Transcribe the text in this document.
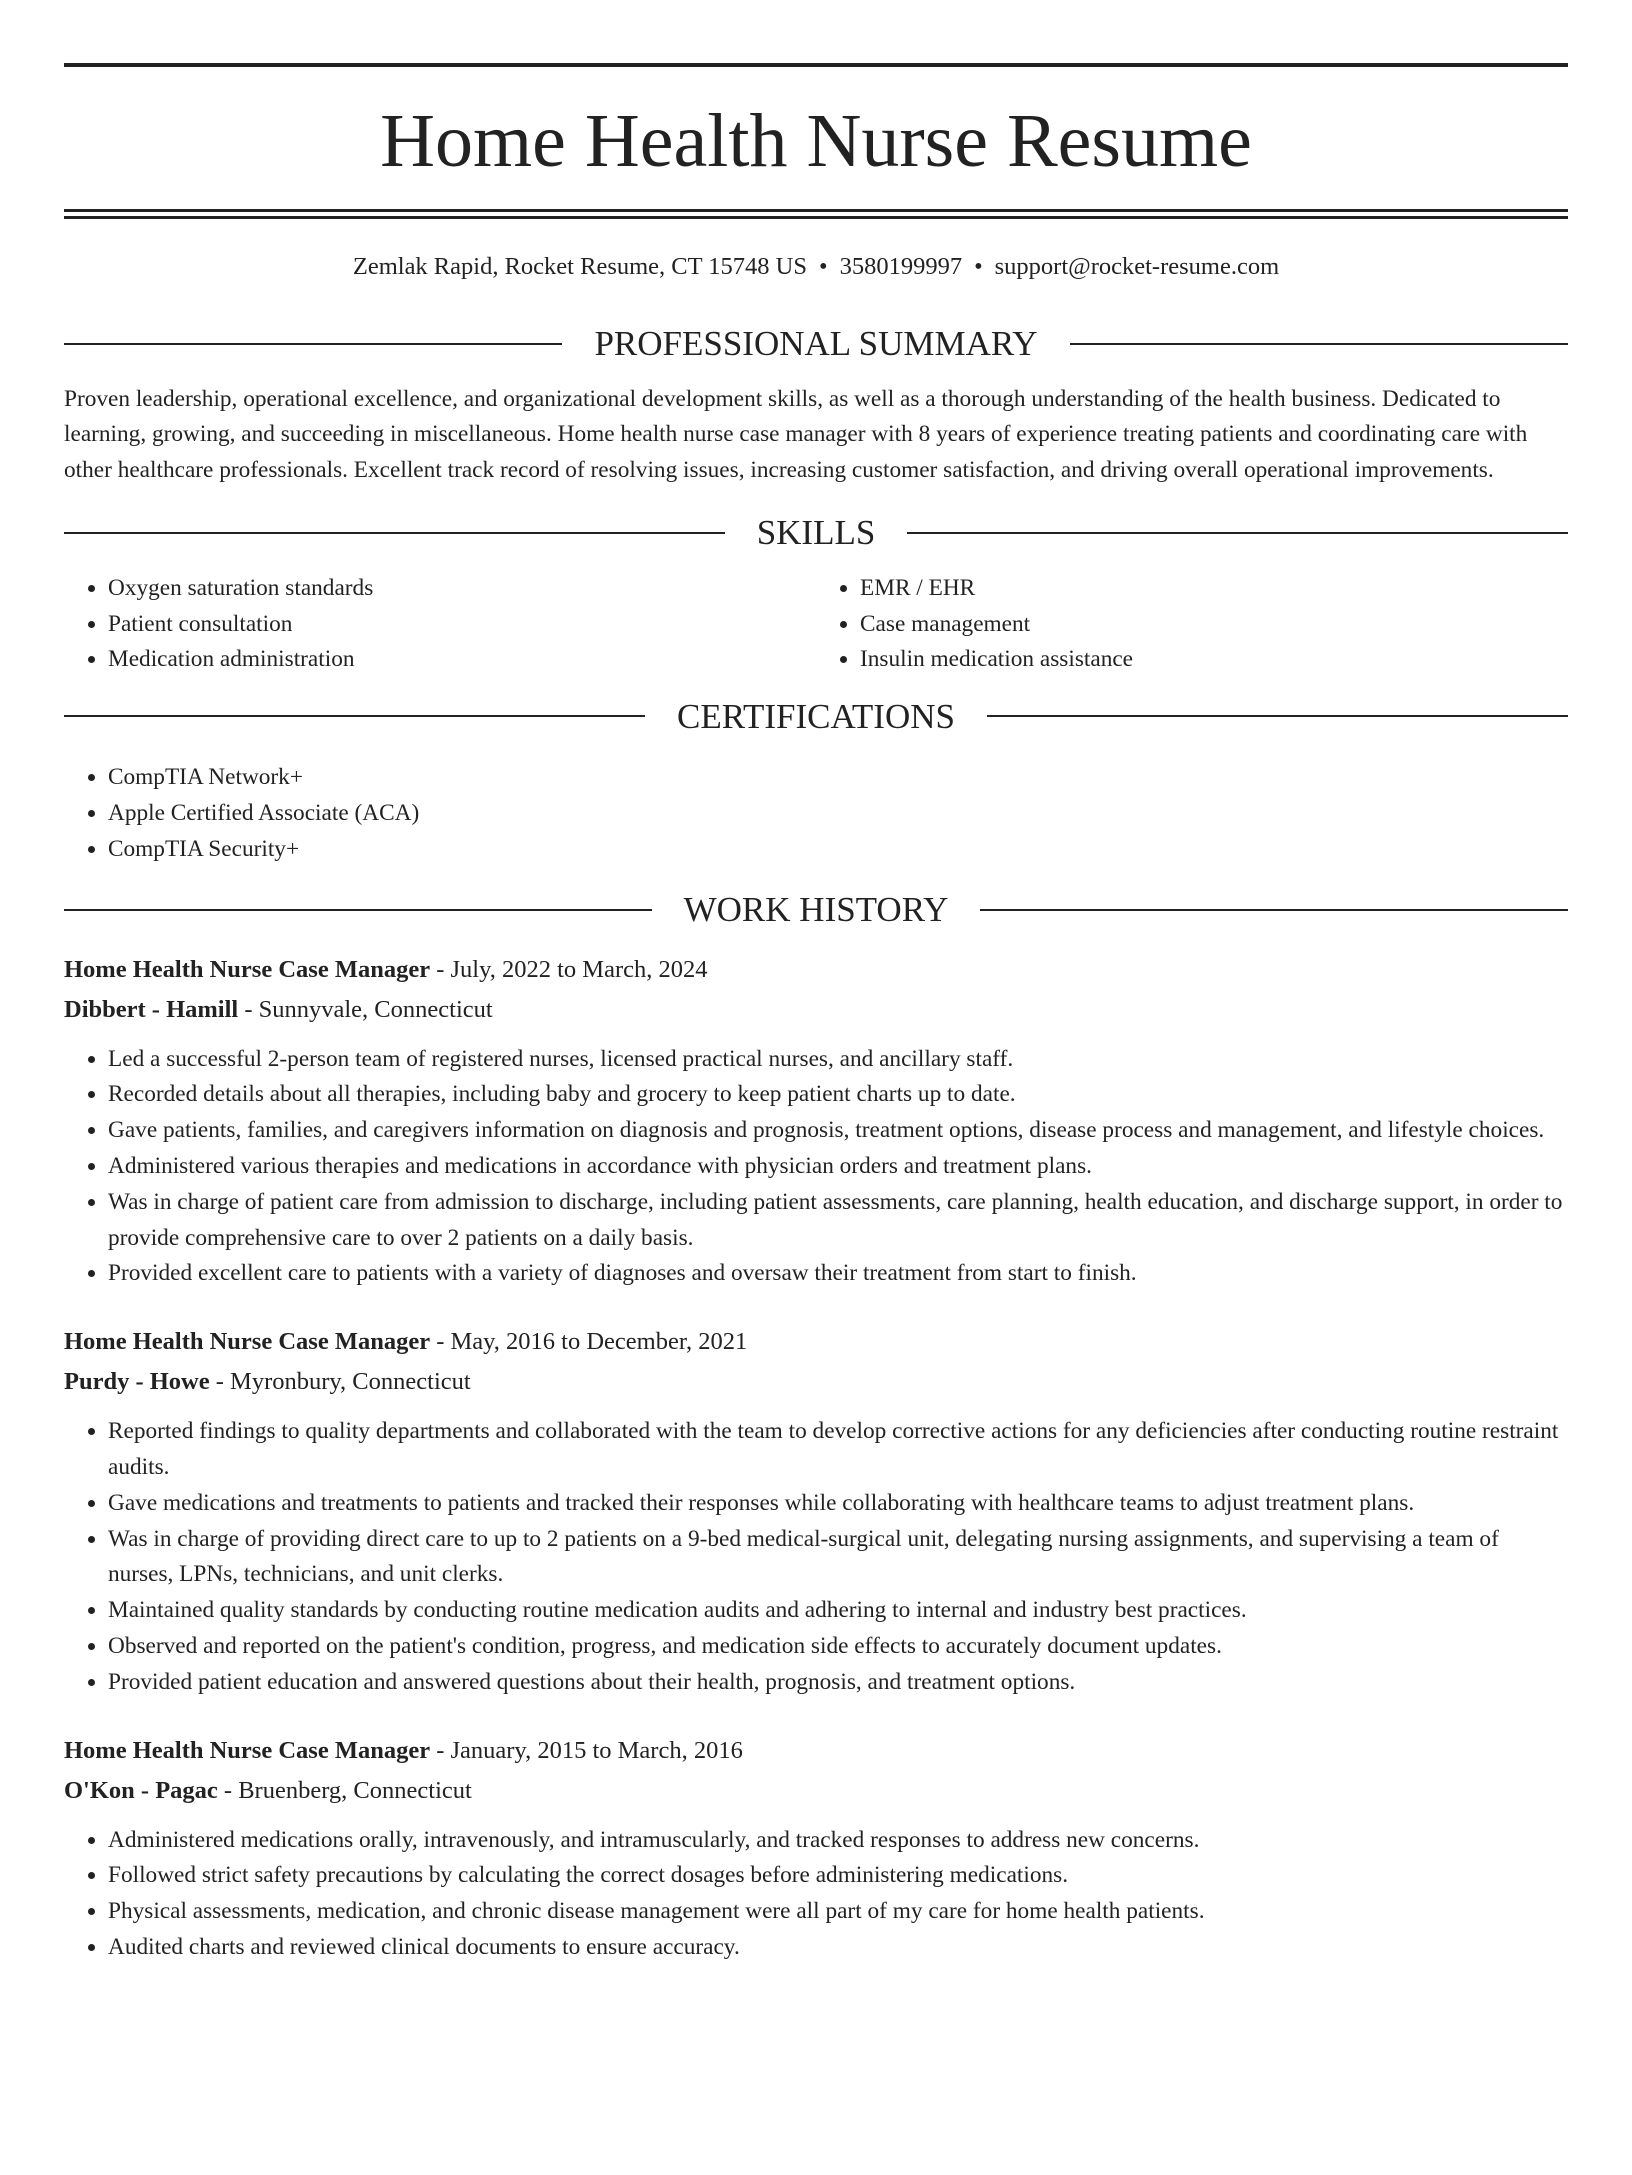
Home Health Nurse Resume
Zemlak Rapid, Rocket Resume, CT 15748 US • 3580199997 • support@rocket-resume.com
PROFESSIONAL SUMMARY

Proven leadership, operational excellence, and organizational development skills, as well as a thorough understanding of the health business. Dedicated to learning, growing, and succeeding in miscellaneous. Home health nurse case manager with 8 years of experience treating patients and coordinating care with other healthcare professionals. Excellent track record of resolving issues, increasing customer satisfaction, and driving overall operational improvements.

SKILLS
• Oxygen saturation standards
• Patient consultation
• Medication administration
• EMR / EHR
• Case management
• Insulin medication assistance
CERTIFICATIONS
• CompTIA Network+
• Apple Certified Associate (ACA)
• CompTIA Security+
WORK HISTORY
Home Health Nurse Case Manager - July, 2022 to March, 2024
Dibbert - Hamill - Sunnyvale, Connecticut
• Led a successful 2-person team of registered nurses, licensed practical nurses, and ancillary staff.
• Recorded details about all therapies, including baby and grocery to keep patient charts up to date.
• Gave patients, families, and caregivers information on diagnosis and prognosis, treatment options, disease process and management, and lifestyle choices.
• Administered various therapies and medications in accordance with physician orders and treatment plans.
• Was in charge of patient care from admission to discharge, including patient assessments, care planning, health education, and discharge support, in order to provide comprehensive care to over 2 patients on a daily basis.
• Provided excellent care to patients with a variety of diagnoses and oversaw their treatment from start to finish.
Home Health Nurse Case Manager - May, 2016 to December, 2021
Purdy - Howe - Myronbury, Connecticut
• Reported findings to quality departments and collaborated with the team to develop corrective actions for any deficiencies after conducting routine restraint audits.
• Gave medications and treatments to patients and tracked their responses while collaborating with healthcare teams to adjust treatment plans.
• Was in charge of providing direct care to up to 2 patients on a 9-bed medical-surgical unit, delegating nursing assignments, and supervising a team of nurses, LPNs, technicians, and unit clerks.
• Maintained quality standards by conducting routine medication audits and adhering to internal and industry best practices.
• Observed and reported on the patient's condition, progress, and medication side effects to accurately document updates.
• Provided patient education and answered questions about their health, prognosis, and treatment options.
Home Health Nurse Case Manager - January, 2015 to March, 2016
O'Kon - Pagac - Bruenberg, Connecticut
• Administered medications orally, intravenously, and intramuscularly, and tracked responses to address new concerns.
• Followed strict safety precautions by calculating the correct dosages before administering medications.
• Physical assessments, medication, and chronic disease management were all part of my care for home health patients.
• Audited charts and reviewed clinical documents to ensure accuracy.
